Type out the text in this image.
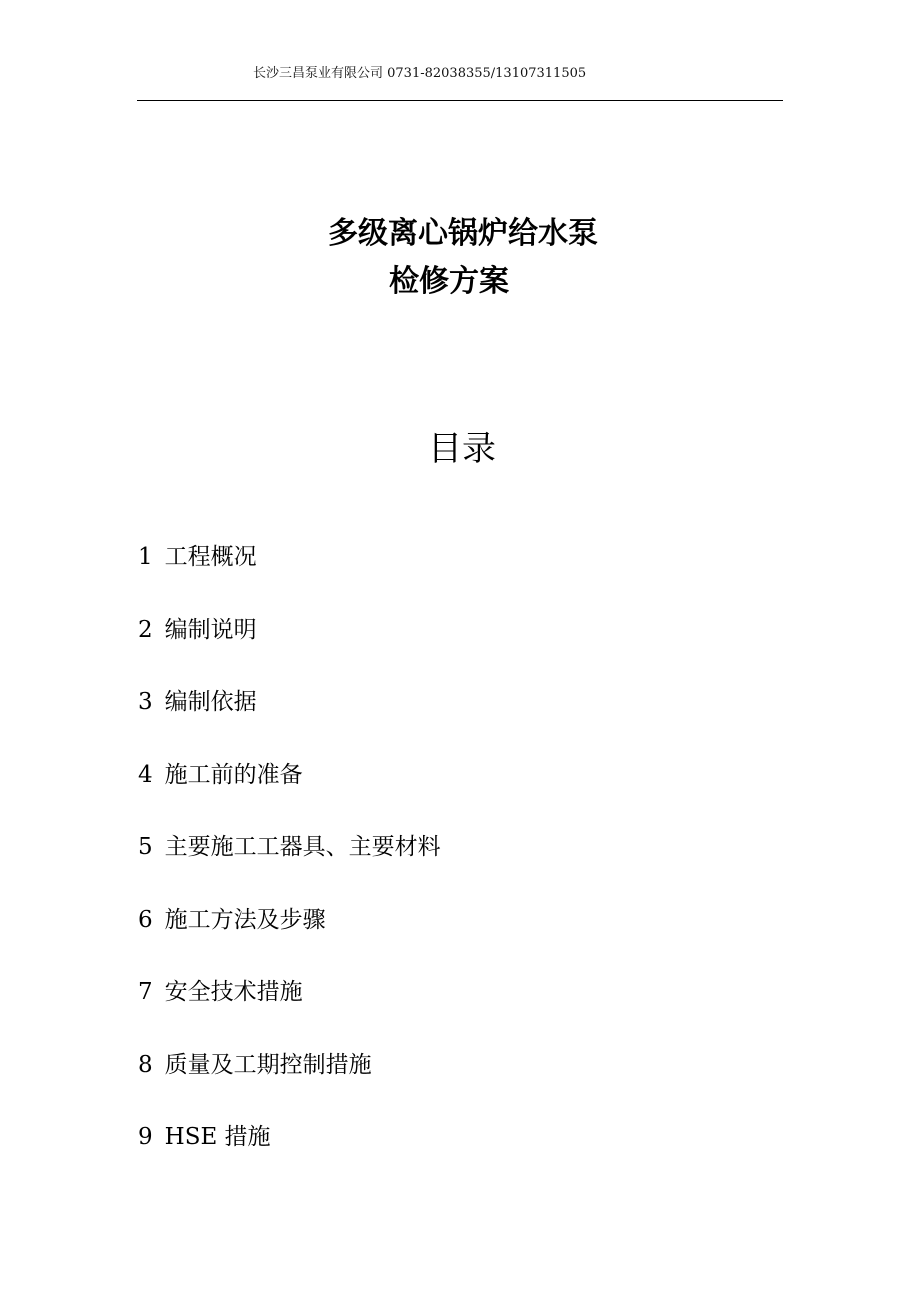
长沙三昌泵业有限公司 0731-82038355/13107311505
多级离心锅炉给水泵
检修方案
目录
1 工程概况
2 编制说明
3 编制依据
4 施工前的准备
5 主要施工工器具、主要材料
6 施工方法及步骤
7 安全技术措施
8 质量及工期控制措施
9 HSE 措施
